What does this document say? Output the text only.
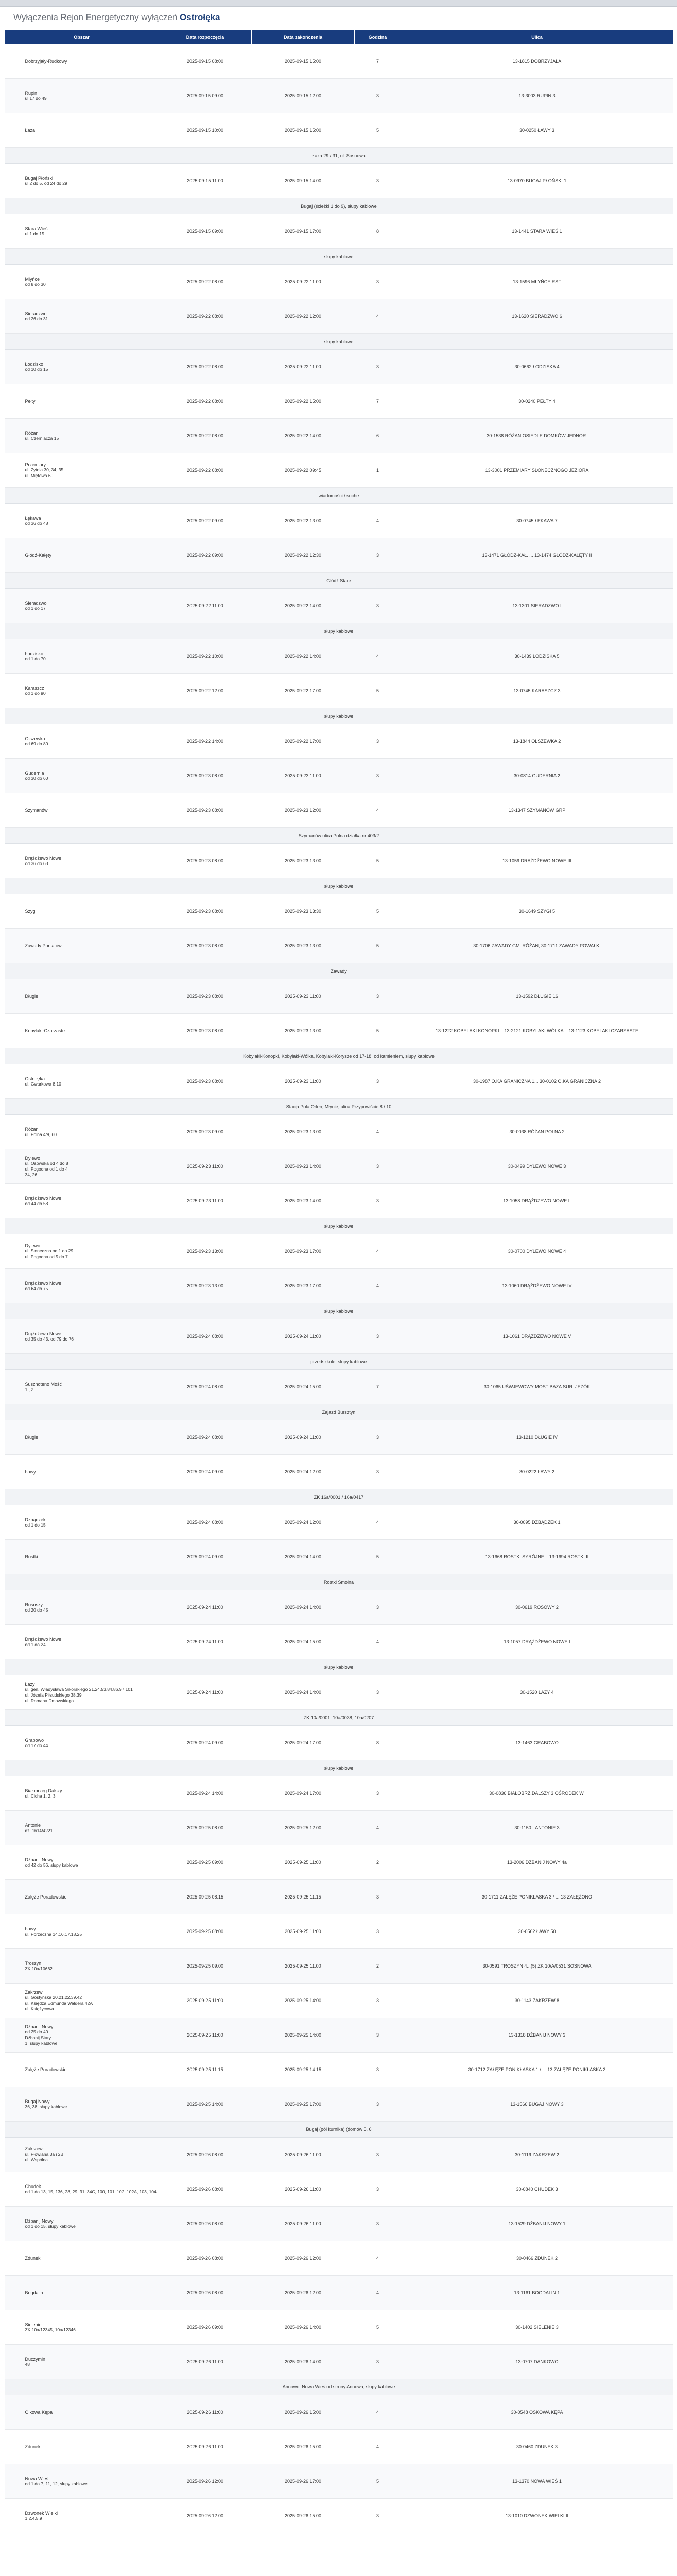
Wyłączenia Rejon Energetyczny wyłączeń Ostrołęka
Obszar	Data rozpoczęcia	Data zakończenia	Godzina	Ulica

Dobrzyjały-Rudkowy	2025-09-15 08:00	2025-09-15 15:00	7	13-1815 DOBRZYJAŁA

Rupin
ul 17 do 49	2025-09-15 09:00	2025-09-15 12:00	3	13-3003 RUPIN 3

Łaza	2025-09-15 10:00	2025-09-15 15:00	5	30-0250 ŁAWY 3
Łaza 29 / 31, ul. Sosnowa				

Bugaj Płoński
ul 2 do 5, od 24 do 29	2025-09-15 11:00	2025-09-15 14:00	3	13-0970 BUGAJ PŁOŃSKI 1
Bugaj (ścieżki 1 do 9), słupy kablowe				

Stara Wieś
ul 1 do 15	2025-09-15 09:00	2025-09-15 17:00	8	13-1441 STARA WIEŚ 1
słupy kablowe				

Młyńce
od 8 do 30	2025-09-22 08:00	2025-09-22 11:00	3	13-1596 MŁYŃCE RSF

Sieradzwo
od 26 do 31	2025-09-22 08:00	2025-09-22 12:00	4	13-1620 SIERADZWO 6
słupy kablowe				

Łodzisko
od 10 do 15	2025-09-22 08:00	2025-09-22 11:00	3	30-0662 ŁODZISKA 4

Pełty	2025-09-22 08:00	2025-09-22 15:00	7	30-0240 PEŁTY 4

Różan
ul. Czerniacza 15	2025-09-22 08:00	2025-09-22 14:00	6	30-1538 RÓŻAN OSIEDLE DOMKÓW JEDNOR.

Przemiary
ul. Żytnia 30, 34, 35
ul. Miętowa 60	2025-09-22 08:00	2025-09-22 09:45	1	13-3001 PRZEMIARY SŁONECZNOGO JEZIORA
wiadomości / suche				

Łękawa
od 36 do 48	2025-09-22 09:00	2025-09-22 13:00	4	30-0745 ŁĘKAWA 7

Głódź-Kałęty	2025-09-22 09:00	2025-09-22 12:30	3	13-1471 GŁÓDŹ-KAŁ. ... 13-1474 GŁÓDŹ-KAŁĘTY II
Głódź Stare				

Sieradzwo
od 1 do 17	2025-09-22 11:00	2025-09-22 14:00	3	13-1301 SIERADZWO I
słupy kablowe				

Łodzisko
od 1 do 70	2025-09-22 10:00	2025-09-22 14:00	4	30-1439 ŁODZISKA 5

Karaszcz
od 1 do 90	2025-09-22 12:00	2025-09-22 17:00	5	13-0745 KARASZCZ 3
słupy kablowe				

Olszewka
od 69 do 80	2025-09-22 14:00	2025-09-22 17:00	3	13-1844 OLSZEWKA 2

Gudernia
od 30 do 60	2025-09-23 08:00	2025-09-23 11:00	3	30-0814 GUDERNIA 2

Szymanów	2025-09-23 08:00	2025-09-23 12:00	4	13-1347 SZYMANÓW GRP
Szymanów ulica Polna działka nr 403/2				

Drążdżewo Nowe
od 36 do 63	2025-09-23 08:00	2025-09-23 13:00	5	13-1059 DRĄŻDŻEWO NOWE III
słupy kablowe				

Szygli	2025-09-23 08:00	2025-09-23 13:30	5	30-1649 SZYGI 5

Zawady Poniatów	2025-09-23 08:00	2025-09-23 13:00	5	30-1706 ZAWADY GM. RÓŻAN, 30-1711 ZAWADY POWAŁKI
Zawady				

Długie	2025-09-23 08:00	2025-09-23 11:00	3	13-1592 DŁUGIE 16

Kobylaki-Czarzaste	2025-09-23 08:00	2025-09-23 13:00	5	13-1222 KOBYLAKI KONOPKI... 13-2121 KOBYLAKI WÓLKA... 13-1123 KOBYLAKI CZARZASTE
Kobylaki-Konopki, Kobylaki-Wólka, Kobylaki-Korysze od 17-18, od kamieniem, słupy kablowe				

Ostrołęka
ul. Gwarkowa 8,10	2025-09-23 08:00	2025-09-23 11:00	3	30-1987 O.KA GRANICZNA 1... 30-0102 O.KA GRANICZNA 2
Stacja Pola Orlen, Młynie, ulica Przypowiście 8 / 10				

Różan
ul. Polna 4/9, 60	2025-09-23 09:00	2025-09-23 13:00	4	30-0038 RÓŻAN POLNA 2

Dylewo
ul. Osowska od 4 do 8
ul. Pogodna od 1 do 4
34, 26	2025-09-23 11:00	2025-09-23 14:00	3	30-0499 DYLEWO NOWE 3

Drążdżewo Nowe
od 44 do 58	2025-09-23 11:00	2025-09-23 14:00	3	13-1058 DRĄŻDŻEWO NOWE II
słupy kablowe				

Dylewo
ul. Słoneczna od 1 do 29
ul. Pogodna od 5 do 7	2025-09-23 13:00	2025-09-23 17:00	4	30-0700 DYLEWO NOWE 4

Drążdżewo Nowe
od 64 do 75	2025-09-23 13:00	2025-09-23 17:00	4	13-1060 DRĄŻDŻEWO NOWE IV
słupy kablowe				

Drążdżewo Nowe
od 35 do 43, od 79 do 76	2025-09-24 08:00	2025-09-24 11:00	3	13-1061 DRĄŻDŻEWO NOWE V
przedszkole, słupy kablowe				

Susznoteno Mość
1 , 2	2025-09-24 08:00	2025-09-24 15:00	7	30-1065 UŚWJEWOWY MOST BAZA SUR. JEŻÓK
Zajazd Bursztyn				

Długie	2025-09-24 08:00	2025-09-24 11:00	3	13-1210 DŁUGIE IV

Ławy	2025-09-24 09:00	2025-09-24 12:00	3	30-0222 ŁAWY 2
ZK 16a/0001 / 16a/0417				

Dzbądzek
od 1 do 15	2025-09-24 08:00	2025-09-24 12:00	4	30-0095 DZBĄDZEK 1

Rostki	2025-09-24 09:00	2025-09-24 14:00	5	13-1668 ROSTKI SYRÓJNE... 13-1694 ROSTKI II
Rostki Smolna				

Rososzy
od 20 do 45	2025-09-24 11:00	2025-09-24 14:00	3	30-0619 ROSOWY 2

Drążdżewo Nowe
od 1 do 24	2025-09-24 11:00	2025-09-24 15:00	4	13-1057 DRĄŻDŻEWO NOWE I
słupy kablowe				

Łazy
ul. gen. Władysława Sikorskiego 21,24,53,84,86,97,101
ul. Józefa Piłsudskiego 38,39
ul. Romana Dmowskiego	2025-09-24 11:00	2025-09-24 14:00	3	30-1520 ŁAZY 4
ZK 10a/0001, 10a/0038, 10a/0207				

Grabowo
od 17 do 44	2025-09-24 09:00	2025-09-24 17:00	8	13-1463 GRABOWO
słupy kablowe				

Białobrzeg Dalszy
ul. Cicha 1, 2, 3	2025-09-24 14:00	2025-09-24 17:00	3	30-0836 BIAŁOBRZ.DALSZY 3 OŚRODEK W.

Antonie
dz. 1614/4221	2025-09-25 08:00	2025-09-25 12:00	4	30-1150 LANTONIE 3

Dźbanij Nowy
od 42 do 56, słupy kablowe	2025-09-25 09:00	2025-09-25 11:00	2	13-2006 DŹBANIJ NOWY 4a

Załęże Poradowskie	2025-09-25 08:15	2025-09-25 11:15	3	30-1711 ZAŁĘŻE PONIKŁASKA 3 / ... 13 ZAŁĘŻONO

Ławy
ul. Porzeczna 14,16,17,18,25	2025-09-25 08:00	2025-09-25 11:00	3	30-0562 ŁAWY 50

Troszyn
ZK 10a/10662	2025-09-25 09:00	2025-09-25 11:00	2	30-0591 TROSZYN 4...(5) ZK 10/A/0531 SOSNOWA

Zakrzew
ul. Gostyńska 20,21,22,39,42
ul. Księdza Edmunda Waldera 42A
ul. Księżycowa	2025-09-25 11:00	2025-09-25 14:00	3	30-1143 ZAKRZEW 8

Dźbanij Nowy
od 25 do 40
Dźbanij Stary
1, słupy kablowe	2025-09-25 11:00	2025-09-25 14:00	3	13-1318 DŹBANIJ NOWY 3

Załęże Poradowskie	2025-09-25 11:15	2025-09-25 14:15	3	30-1712 ZAŁĘŻE PONIKŁASKA 1 / ... 13 ZAŁĘŻE PONIKŁASKA 2

Bugaj Nowy
36, 38, słupy kablowe	2025-09-25 14:00	2025-09-25 17:00	3	13-1566 BUGAJ NOWY 3
Bugaj (pół kurnika) (domów 5, 6				

Zakrzew
ul. Płowiana 3a i 2B
ul. Wspólna	2025-09-26 08:00	2025-09-26 11:00	3	30-1119 ZAKRZEW 2

Chudek
od 1 do 13, 15, 136, 28, 29, 31, 34C, 100, 101, 102, 102A, 103, 104	2025-09-26 08:00	2025-09-26 11:00	3	30-0840 CHUDEK 3

Dźbanij Nowy
od 1 do 15, słupy kablowe	2025-09-26 08:00	2025-09-26 11:00	3	13-1529 DŹBANIJ NOWY 1

Zdunek	2025-09-26 08:00	2025-09-26 12:00	4	30-0466 ZDUNEK 2

Bogdalin	2025-09-26 08:00	2025-09-26 12:00	4	13-1161 BOGDALIN 1

Sielenie
ZK 10a/12345, 10a/12346	2025-09-26 09:00	2025-09-26 14:00	5	30-1402 SIELENIE 3

Duczymin
48	2025-09-26 11:00	2025-09-26 14:00	3	13-0707 DANKOWO
Annowo, Nowa Wieś od strony Annowa, słupy kablowe				

Olkowa Kępa	2025-09-26 11:00	2025-09-26 15:00	4	30-0548 OSKOWA KĘPA

Zdunek	2025-09-26 11:00	2025-09-26 15:00	4	30-0460 ZDUNEK 3

Nowa Wieś
od 1 do 7, 11, 12, słupy kablowe	2025-09-26 12:00	2025-09-26 17:00	5	13-1370 NOWA WIEŚ 1

Dzwonek Wielki
1,2,4,5,9	2025-09-26 12:00	2025-09-26 15:00	3	13-1010 DZWONEK WIELKI II
